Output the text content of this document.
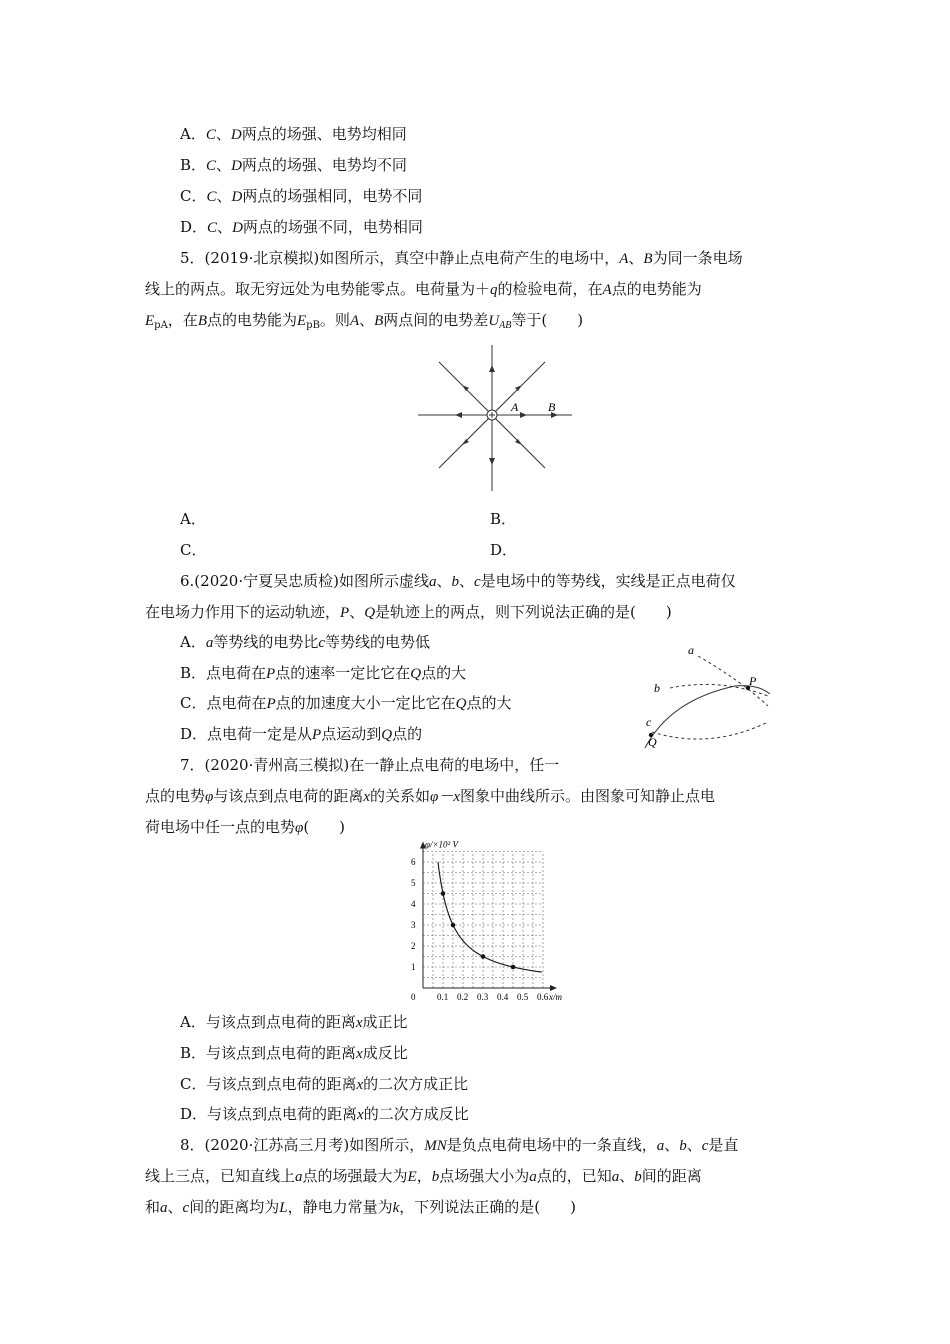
A．C、D两点的场强、电势均相同
B．C、D两点的场强、电势均不同
C．C、D两点的场强相同，电势不同
D．C、D两点的场强不同，电势相同
5．(2019·北京模拟)如图所示，真空中静止点电荷产生的电场中，A、B为同一条电场
线上的两点。取无穷远处为电势能零点。电荷量为＋q的检验电荷，在A点的电势能为
$E_{pA}$，在B点的电势能为$E_{pB}$。则A、B两点间的电势差$U_{AB}$等于(　　)
A B
A．	B．
C．	D．
6.(2020·宁夏吴忠质检)如图所示虚线a、b、c是电场中的等势线，实线是正点电荷仅
在电场力作用下的运动轨迹，P、Q是轨迹上的两点，则下列说法正确的是(　　)
A．a等势线的电势比c等势线的电势低
B．点电荷在P点的速率一定比它在Q点的大
C．点电荷在P点的加速度大小一定比它在Q点的大
D．点电荷一定是从P点运动到Q点的
a
b
c
P
Q
7．(2020·青州高三模拟)在一静止点电荷的电场中，任一
点的电势φ与该点到点电荷的距离x的关系如φ－x图象中曲线所示。由图象可知静止点电
荷电场中任一点的电势φ(　　)
0 0.1 0.2 0.3 0.4 0.5 0.6
1
2
3
4
5
6
φ/×10² V
x/m
A．与该点到点电荷的距离x成正比
B．与该点到点电荷的距离x成反比
C．与该点到点电荷的距离x的二次方成正比
D．与该点到点电荷的距离x的二次方成反比
8．(2020·江苏高三月考)如图所示，MN是负点电荷电场中的一条直线，a、b、c是直
线上三点，已知直线上a点的场强最大为E，b点场强大小为a点的，已知a、b间的距离
和a、c间的距离均为L，静电力常量为k，下列说法正确的是(　　)
